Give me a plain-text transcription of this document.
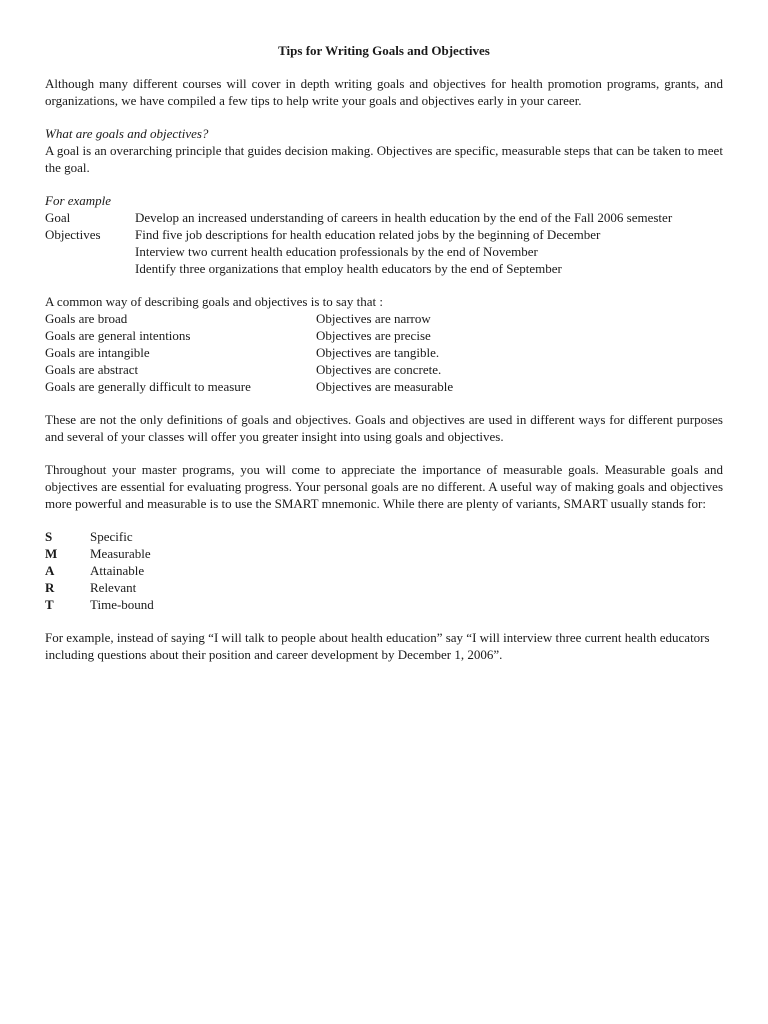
Tips for Writing Goals and Objectives

Although many different courses will cover in depth writing goals and objectives for health promotion programs, grants, and organizations, we have compiled a few tips to help write your goals and objectives early in your career.

What are goals and objectives?

A goal is an overarching principle that guides decision making. Objectives are specific, measurable steps that can be taken to meet the goal.

For example

Goal	Develop an increased understanding of careers in health education by the end of the Fall 2006 semester
Objectives	Find five job descriptions for health education related jobs by the beginning of December
Interview two current health education professionals by the end of November
Identify three organizations that employ health educators by the end of September

A common way of describing goals and objectives is to say that :

Goals are broad	Objectives are narrow
Goals are general intentions	Objectives are precise
Goals are intangible	Objectives are tangible.
Goals are abstract	Objectives are concrete.
Goals are generally difficult to measure	Objectives are measurable

These are not the only definitions of goals and objectives. Goals and objectives are used in different ways for different purposes and several of your classes will offer you greater insight into using goals and objectives.

Throughout your master programs, you will come to appreciate the importance of measurable goals. Measurable goals and objectives are essential for evaluating progress. Your personal goals are no different. A useful way of making goals and objectives more powerful and measurable is to use the SMART mnemonic. While there are plenty of variants, SMART usually stands for:

S	Specific
M	Measurable
A	Attainable
R	Relevant
T	Time-bound

For example, instead of saying “I will talk to people about health education” say “I will interview three current health educators including questions about their position and career development by December 1, 2006”.
